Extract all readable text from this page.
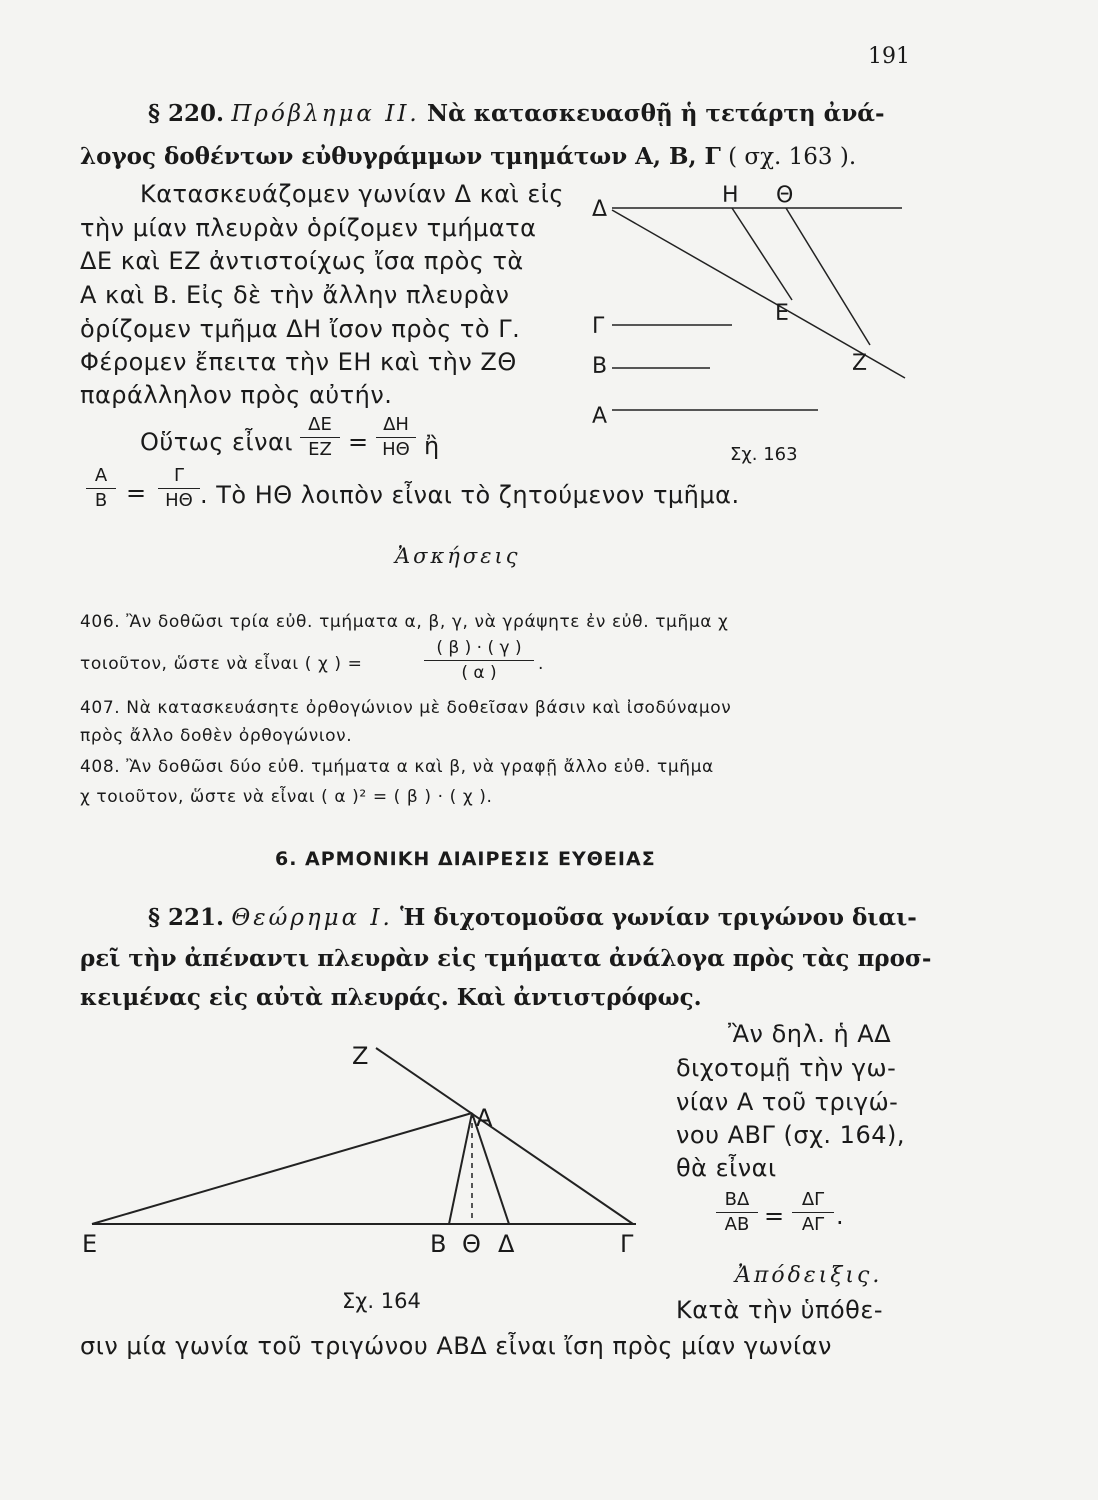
191
§ 220. Πρόβλημα ΙΙ. Νὰ κατασκευασθῇ ἡ τετάρτη ἀνά-
λογος δοθέντων εὐθυγράμμων τμημάτων Α, Β, Γ ( σχ. 163 ).
Κατασκευάζομεν γωνίαν Δ καὶ εἰς
τὴν μίαν πλευρὰν ὁρίζομεν τμήματα
ΔΕ καὶ ΕΖ ἀντιστοίχως ἴσα πρὸς τὰ
Α καὶ Β. Εἰς δὲ τὴν ἄλλην πλευρὰν
ὁρίζομεν τμῆμα ΔΗ ἴσον πρὸς τὸ Γ.
Φέρομεν ἔπειτα τὴν ΕΗ καὶ τὴν ΖΘ
παράλληλον πρὸς αὐτήν.
Οὕτως εἶναι
ΔΕ
ΕΖ =
ΔΗ
ΗΘ ἢ
Α
Β =
Γ
ΗΘ . Τὸ ΗΘ λοιπὸν εἶναι τὸ ζητούμενον τμῆμα.
Δ
Η Θ
Ε
Ζ
Γ
Β
Α
Σχ. 163
Ἀσκήσεις
406. Ἂν δοθῶσι τρία εὐθ. τμήματα α, β, γ, νὰ γράψητε ἐν εὐθ. τμῆμα χ
τοιοῦτον, ὥστε νὰ εἶναι ( χ ) =
( β ) · ( γ )
( α )	.
407. Νὰ κατασκευάσητε ὀρθογώνιον μὲ δοθεῖσαν βάσιν καὶ ἰσοδύναμον
πρὸς ἄλλο δοθὲν ὀρθογώνιον.
408. Ἂν δοθῶσι δύο εὐθ. τμήματα α καὶ β, νὰ γραφῇ ἄλλο εὐθ. τμῆμα
χ τοιοῦτον, ὥστε νὰ εἶναι ( α )² = ( β ) · ( χ ).
6. ΑΡΜΟΝΙΚΗ ΔΙΑΙΡΕΣΙΣ ΕΥΘΕΙΑΣ
§ 221. Θεώρημα Ι. Ἡ διχοτομοῦσα γωνίαν τριγώνου διαι-
ρεῖ τὴν ἀπέναντι πλευρὰν εἰς τμήματα ἀνάλογα πρὸς τὰς προσ-
κειμένας εἰς αὐτὰ πλευράς. Καὶ ἀντιστρόφως.
Ἂν δηλ. ἡ ΑΔ
διχοτομῇ τὴν γω-
νίαν Α τοῦ τριγώ-
νου ΑΒΓ (σχ. 164),
θὰ εἶναι
ΒΔ
ΑΒ =
ΔΓ
ΑΓ .
Ἀπόδειξις.
Κατὰ τὴν ὑπόθε-
σιν μία γωνία τοῦ τριγώνου ΑΒΔ εἶναι ἴση πρὸς μίαν γωνίαν
Ζ
Α
Ε	Β Θ Δ	Γ
Σχ. 164
